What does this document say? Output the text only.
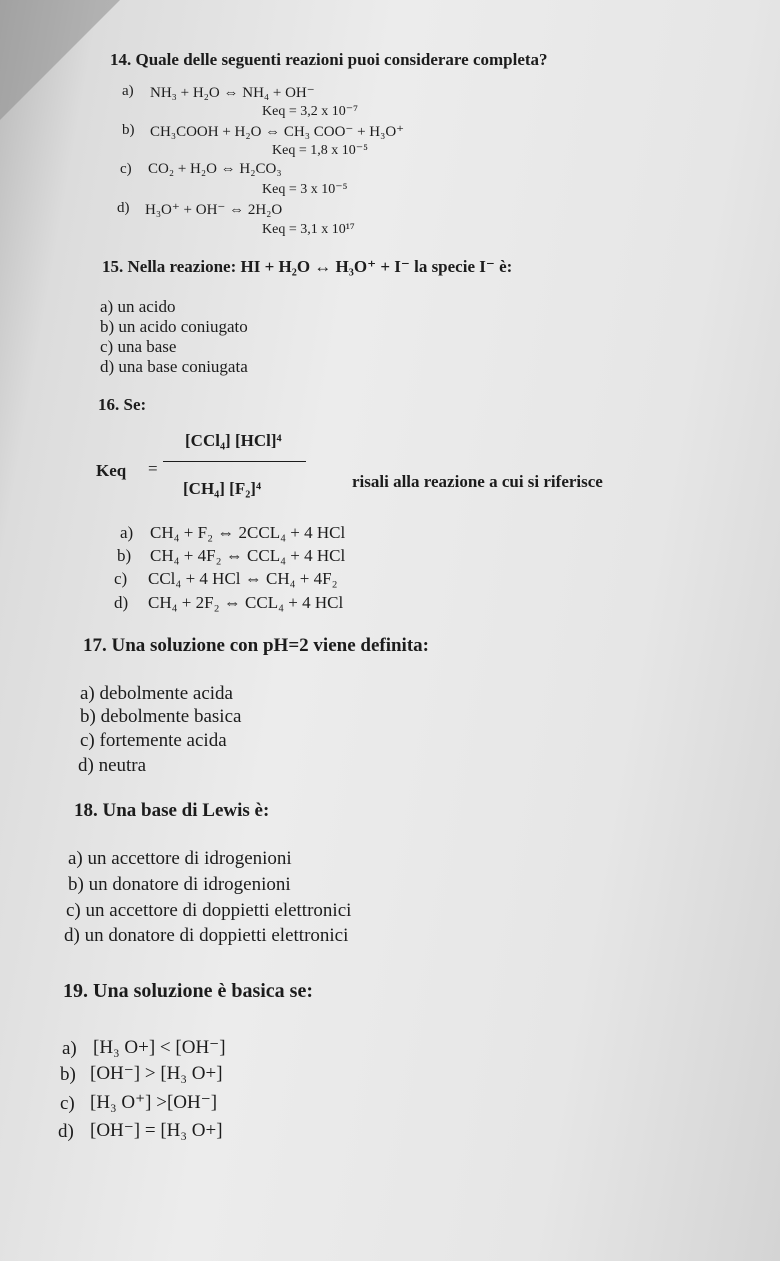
14. Quale delle seguenti reazioni puoi considerare completa?
a) NH₃ + H₂O ⇔ NH₄ + OH⁻
Keq = 3,2 x 10⁻⁷
b) CH₃COOH + H₂O ⇔ CH₃ COO⁻ + H₃O⁺
Keq = 1,8 x 10⁻⁵
c) CO₂ + H₂O ⇔ H₂CO₃
Keq = 3 x 10⁻⁵
d) H₃O⁺ + OH⁻ ⇔ 2H₂O
Keq = 3,1 x 10¹⁷
15. Nella reazione: HI + H₂O ↔ H₃O⁺ + I⁻ la specie I⁻ è:
a) un acido
b) un acido coniugato
c) una base
d) una base coniugata
16. Se:
Keq =
[CCl₄] [HCl]⁴
[CH₄] [F₂]⁴	risali alla reazione a cui si riferisce
a) CH₄ + F₂ ⇔ 2CCL₄ + 4 HCl
b) CH₄ + 4F₂ ⇔ CCL₄ + 4 HCl
c) CCl₄ + 4 HCl ⇔ CH₄ + 4F₂
d) CH₄ + 2F₂ ⇔ CCL₄ + 4 HCl
17. Una soluzione con pH=2 viene definita:
a) debolmente acida
b) debolmente basica
c) fortemente acida
d) neutra
18. Una base di Lewis è:
a) un accettore di idrogenioni
b) un donatore di idrogenioni
c) un accettore di doppietti elettronici
d) un donatore di doppietti elettronici
19. Una soluzione è basica se:
a) [H₃ O+] < [OH⁻]
b) [OH⁻] > [H₃ O+]
c) [H₃ O⁺] >[OH⁻]
d) [OH⁻] = [H₃ O+]
